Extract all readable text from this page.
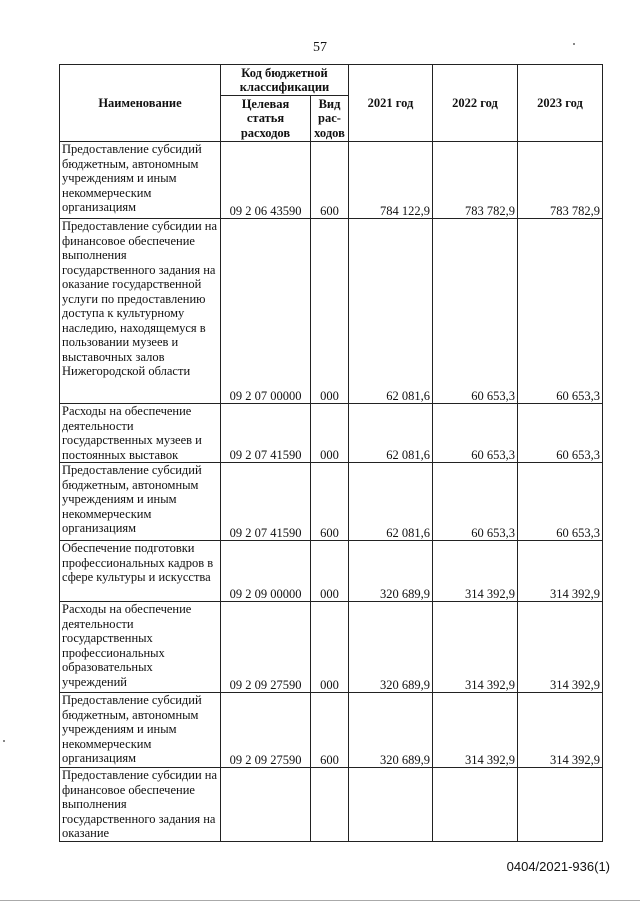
57
Наименование	Код бюджетной классификации		2021 год	2022 год	2023 год
	Целевая статья расходов	Вид рас-ходов			
Предоставление субсидий бюджетным, автономным учреждениям и иным некоммерческим организациям	09 2 06 43590	600	784 122,9	783 782,9	783 782,9
Предоставление субсидии на финансовое обеспечение выполнения государственного задания на оказание государственной услуги по предоставлению доступа к культурному наследию, находящемуся в пользовании музеев и выставочных залов Нижегородской области	09 2 07 00000	000	62 081,6	60 653,3	60 653,3
Расходы на обеспечение деятельности государственных музеев и постоянных выставок	09 2 07 41590	000	62 081,6	60 653,3	60 653,3
Предоставление субсидий бюджетным, автономным учреждениям и иным некоммерческим организациям	09 2 07 41590	600	62 081,6	60 653,3	60 653,3
Обеспечение подготовки профессиональных кадров в сфере культуры и искусства	09 2 09 00000	000	320 689,9	314 392,9	314 392,9
Расходы на обеспечение деятельности государственных профессиональных образовательных учреждений	09 2 09 27590	000	320 689,9	314 392,9	314 392,9
Предоставление субсидий бюджетным, автономным учреждениям и иным некоммерческим организациям	09 2 09 27590	600	320 689,9	314 392,9	314 392,9
Предоставление субсидии на финансовое обеспечение выполнения государственного задания на оказание					
0404/2021-936(1)
